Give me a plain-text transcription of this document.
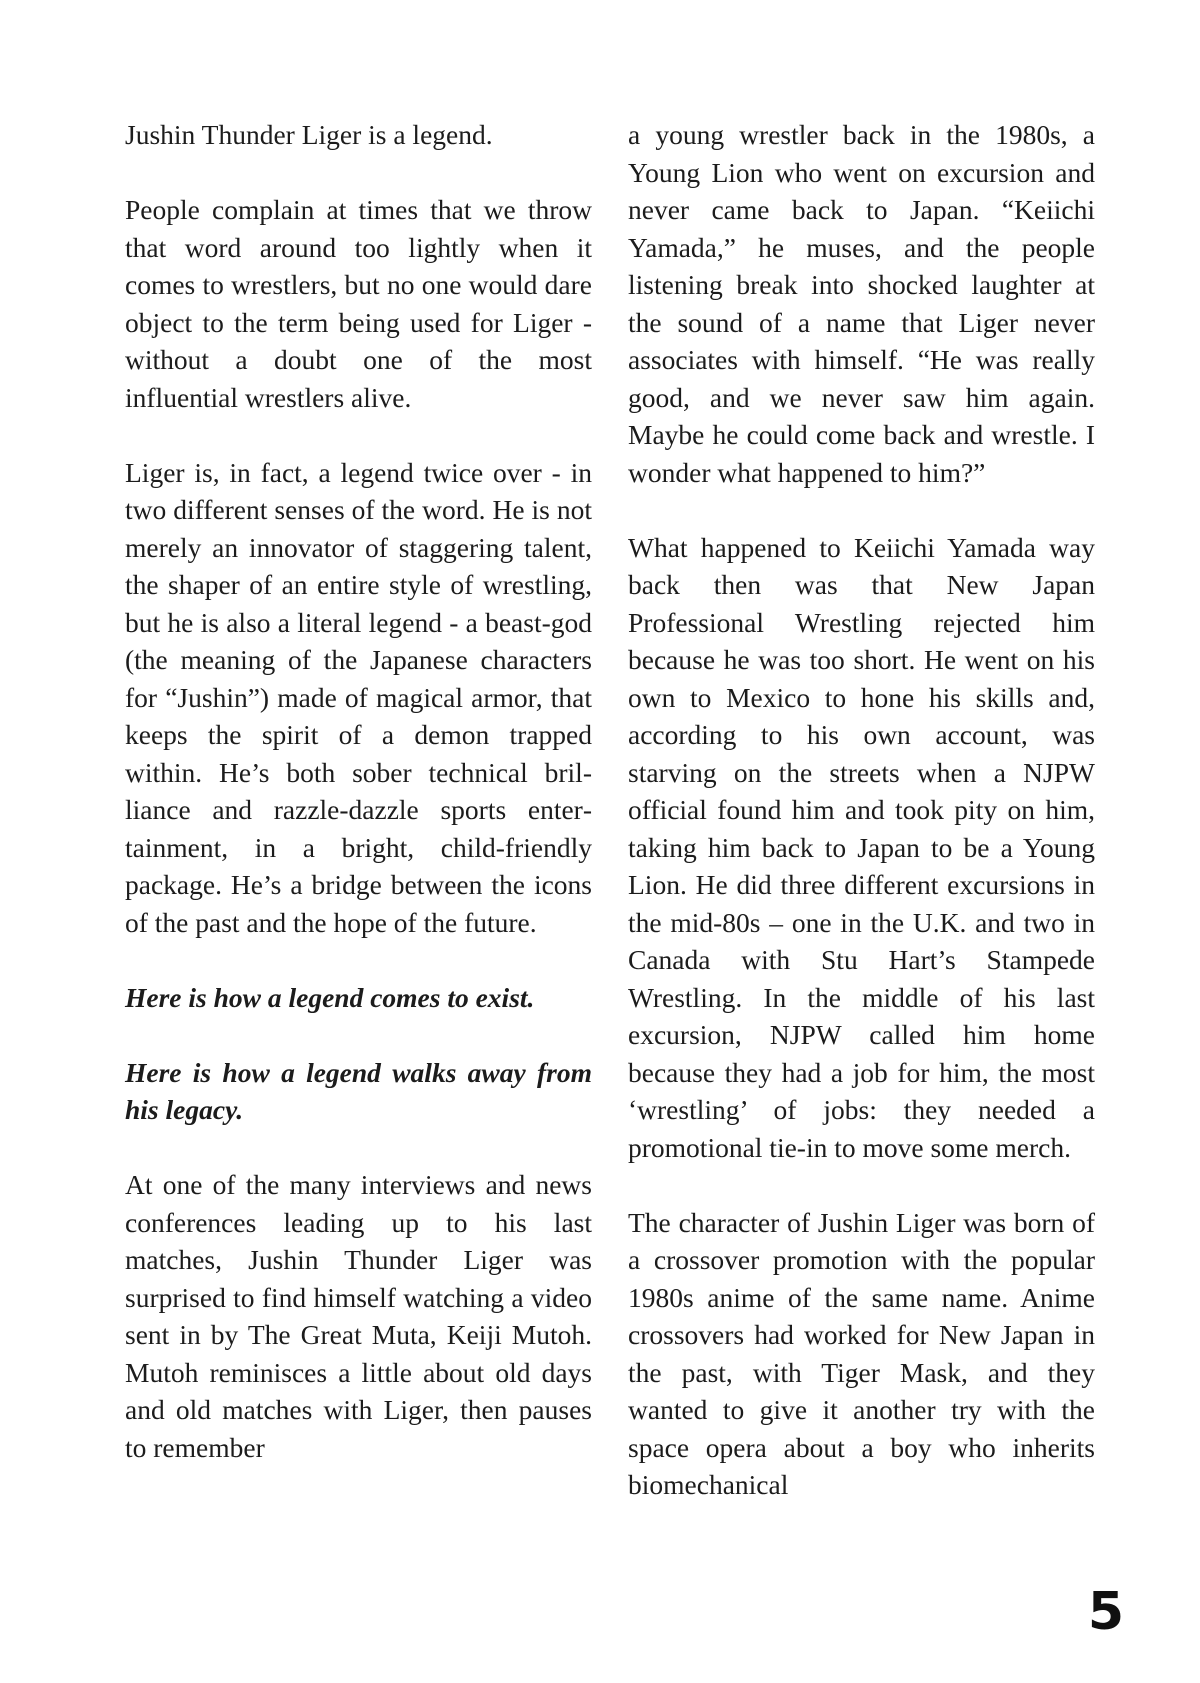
Jushin Thunder Liger is a legend.

People complain at times that we throw that word around too lightly when it comes to wrestlers, but no one would dare object to the term being used for Liger - without a doubt one of the most influential wrestlers alive.

Liger is, in fact, a legend twice over - in two different senses of the word. He is not merely an innovator of staggering talent, the shaper of an entire style of wrestling, but he is also a literal legend - a beast-god (the meaning of the Japanese characters for “Jushin”) made of magical armor, that keeps the spirit of a demon trapped within. He’s both sober technical brilliance and razzle-dazzle sports entertainment, in a bright, child-friendly package. He’s a bridge between the icons of the past and the hope of the future.

Here is how a legend comes to exist.

Here is how a legend walks away from his legacy.

At one of the many interviews and news conferences leading up to his last matches, Jushin Thunder Liger was surprised to find himself watching a video sent in by The Great Muta, Keiji Mutoh. Mutoh reminisces a little about old days and old matches with Liger, then pauses to remember

a young wrestler back in the 1980s, a Young Lion who went on excursion and never came back to Japan. “Keiichi Yamada,” he muses, and the people listening break into shocked laughter at the sound of a name that Liger never associates with himself. “He was really good, and we never saw him again. Maybe he could come back and wrestle. I wonder what happened to him?”

What happened to Keiichi Yamada way back then was that New Japan Professional Wrestling rejected him because he was too short. He went on his own to Mexico to hone his skills and, according to his own account, was starving on the streets when a NJPW official found him and took pity on him, taking him back to Japan to be a Young Lion. He did three different excursions in the mid-80s – one in the U.K. and two in Canada with Stu Hart’s Stampede Wrestling. In the middle of his last excursion, NJPW called him home because they had a job for him, the most ‘wrestling’ of jobs: they needed a promotional tie-in to move some merch.

The character of Jushin Liger was born of a crossover promotion with the popular 1980s anime of the same name. Anime crossovers had worked for New Japan in the past, with Tiger Mask, and they wanted to give it another try with the space opera about a boy who inherits biomechanical

5
